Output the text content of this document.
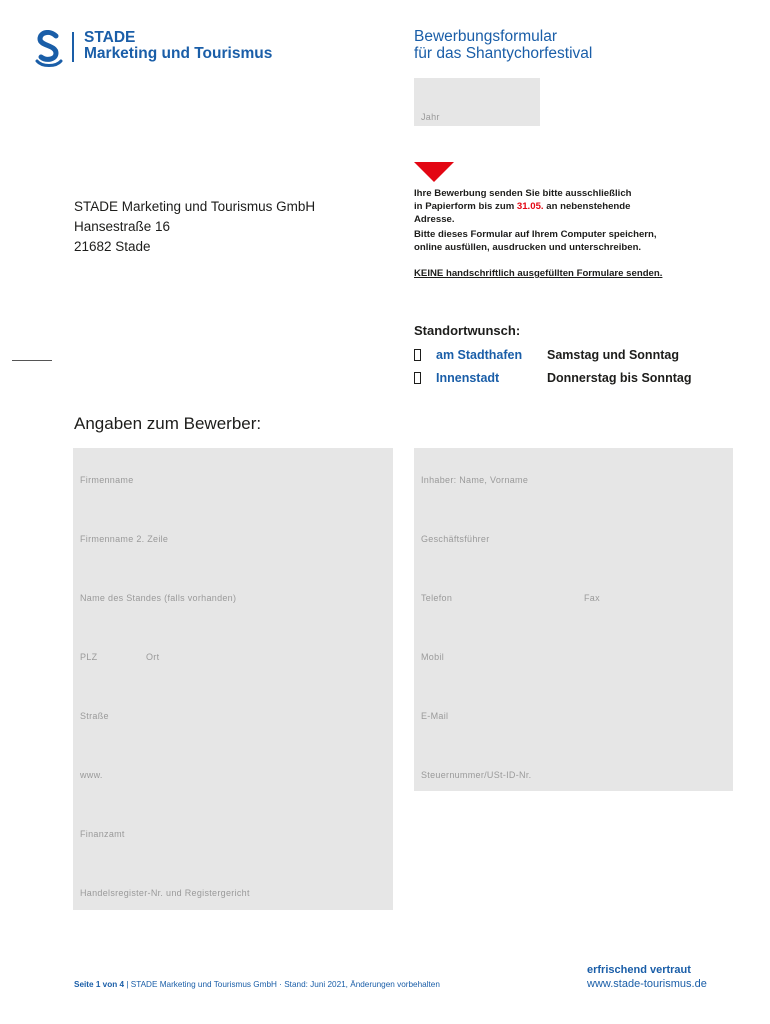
STADE
Marketing und Tourismus
Bewerbungsformular
für das Shantychorfestival
Jahr

Ihre Bewerbung senden Sie bitte ausschließlich

in Papierform bis zum 31.05. an nebenstehende

Adresse.

Bitte dieses Formular auf Ihrem Computer speichern,

online ausfüllen, ausdrucken und unterschreiben.

KEINE handschriftlich ausgefüllten Formulare senden.

STADE Marketing und Tourismus GmbH
Hansestraße 16
21682 Stade
Standortwunsch:
am Stadthafen	Samstag und Sonntag
Innenstadt	Donnerstag bis Sonntag
Angaben zum Bewerber:
Firmenname
Firmenname 2. Zeile
Name des Standes (falls vorhanden)
PLZ	Ort
Straße
www.
Finanzamt
Handelsregister-Nr. und Registergericht
Inhaber: Name, Vorname
Geschäftsführer
Telefon	Fax
Mobil
E-Mail
Steuernummer/USt-ID-Nr.
Seite 1 von 4 | STADE Marketing und Tourismus GmbH · Stand: Juni 2021, Änderungen vorbehalten
erfrischend vertraut
www.stade-tourismus.de
